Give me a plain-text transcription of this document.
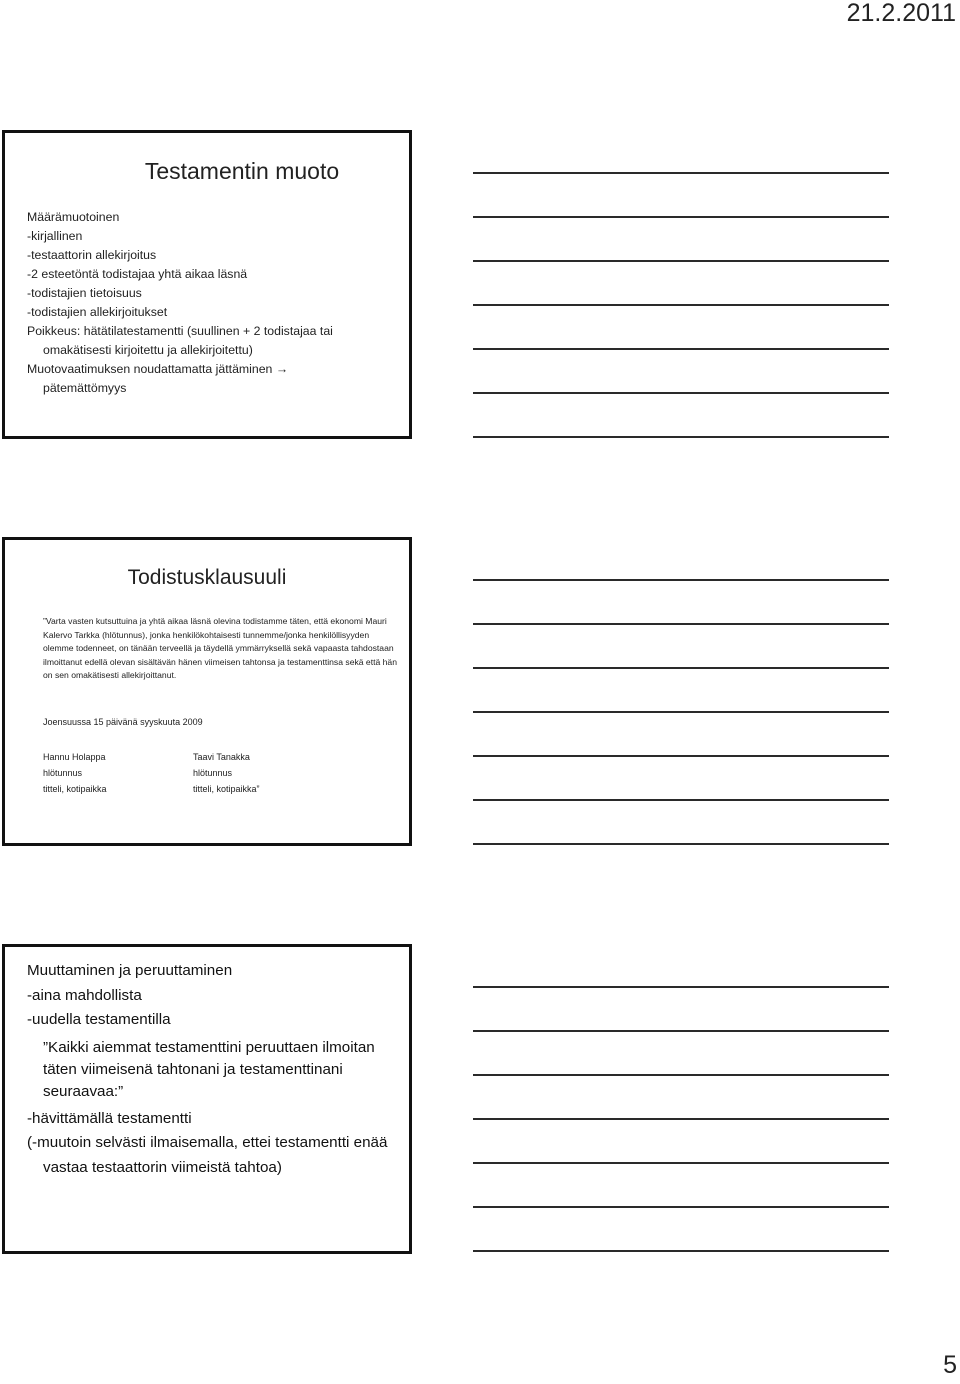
21.2.2011
Testamentin muoto
Määrämuotoinen
-kirjallinen
-testaattorin allekirjoitus
-2 esteetöntä todistajaa yhtä aikaa läsnä
-todistajien tietoisuus
-todistajien allekirjoitukset
Poikkeus: hätätilatestamentti (suullinen + 2 todistajaa tai
omakätisesti kirjoitettu ja allekirjoitettu)
Muotovaatimuksen noudattamatta jättäminen →
pätemättömyys
Todistusklausuuli
”Varta vasten kutsuttuina ja yhtä aikaa läsnä olevina todistamme täten, että ekonomi Mauri Kalervo Tarkka (hlötunnus), jonka henkilökohtaisesti tunnemme/jonka henkilöllisyyden olemme todenneet, on tänään terveellä ja täydellä ymmärryksellä sekä vapaasta tahdostaan ilmoittanut edellä olevan sisältävän hänen viimeisen tahtonsa ja testamenttinsa sekä että hän on sen omakätisesti allekirjoittanut.
Joensuussa 15 päivänä syyskuuta 2009
Hannu Holappa
hlötunnus
titteli, kotipaikka
Taavi Tanakka
hlötunnus
titteli, kotipaikka”
Muuttaminen ja peruuttaminen
-aina mahdollista
-uudella testamentilla
”Kaikki aiemmat testamenttini peruuttaen ilmoitan täten viimeisenä tahtonani ja testamenttinani seuraavaa:”
-hävittämällä testamentti
(-muutoin selvästi ilmaisemalla, ettei testamentti enää vastaa testaattorin viimeistä tahtoa)
5
